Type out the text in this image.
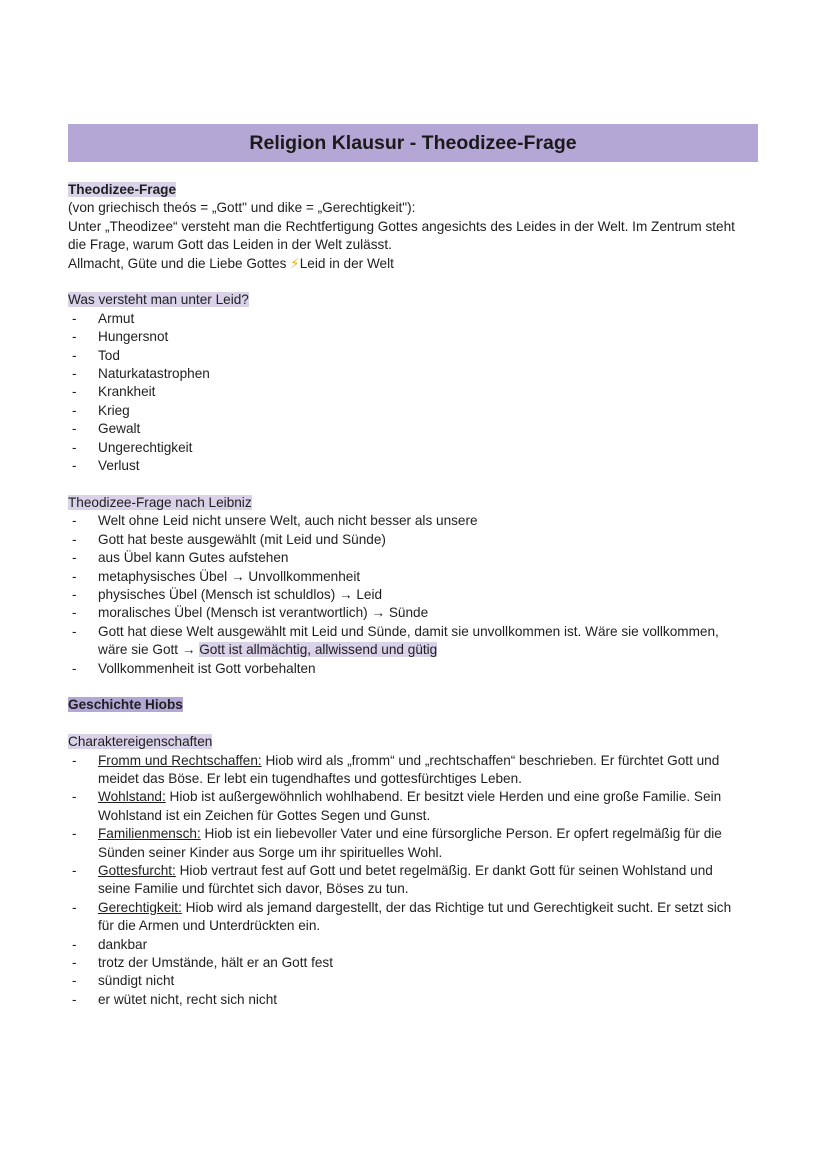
Religion Klausur - Theodizee-Frage
Theodizee-Frage
(von griechisch theós = „Gott" und dike = „Gerechtigkeit"):
Unter „Theodizee“ versteht man die Rechtfertigung Gottes angesichts des Leides in der Welt. Im Zentrum steht
die Frage, warum Gott das Leiden in der Welt zulässt.
Allmacht, Güte und die Liebe Gottes ⚡Leid in der Welt
Was versteht man unter Leid?
- Armut
- Hungersnot
- Tod
- Naturkatastrophen
- Krankheit
- Krieg
- Gewalt
- Ungerechtigkeit
- Verlust
Theodizee-Frage nach Leibniz
- Welt ohne Leid nicht unsere Welt, auch nicht besser als unsere
- Gott hat beste ausgewählt (mit Leid und Sünde)
- aus Übel kann Gutes aufstehen
- metaphysisches Übel → Unvollkommenheit
- physisches Übel (Mensch ist schuldlos) → Leid
- moralisches Übel (Mensch ist verantwortlich) → Sünde
- Gott hat diese Welt ausgewählt mit Leid und Sünde, damit sie unvollkommen ist. Wäre sie vollkommen,
wäre sie Gott → Gott ist allmächtig, allwissend und gütig
- Vollkommenheit ist Gott vorbehalten
Geschichte Hiobs
Charaktereigenschaften
- Fromm und Rechtschaffen: Hiob wird als „fromm“ und „rechtschaffen“ beschrieben. Er fürchtet Gott und
meidet das Böse. Er lebt ein tugendhaftes und gottesfürchtiges Leben.
- Wohlstand: Hiob ist außergewöhnlich wohlhabend. Er besitzt viele Herden und eine große Familie. Sein
Wohlstand ist ein Zeichen für Gottes Segen und Gunst.
- Familienmensch: Hiob ist ein liebevoller Vater und eine fürsorgliche Person. Er opfert regelmäßig für die
Sünden seiner Kinder aus Sorge um ihr spirituelles Wohl.
- Gottesfurcht: Hiob vertraut fest auf Gott und betet regelmäßig. Er dankt Gott für seinen Wohlstand und
seine Familie und fürchtet sich davor, Böses zu tun.
- Gerechtigkeit: Hiob wird als jemand dargestellt, der das Richtige tut und Gerechtigkeit sucht. Er setzt sich
für die Armen und Unterdrückten ein.
- dankbar
- trotz der Umstände, hält er an Gott fest
- sündigt nicht
- er wütet nicht, recht sich nicht
